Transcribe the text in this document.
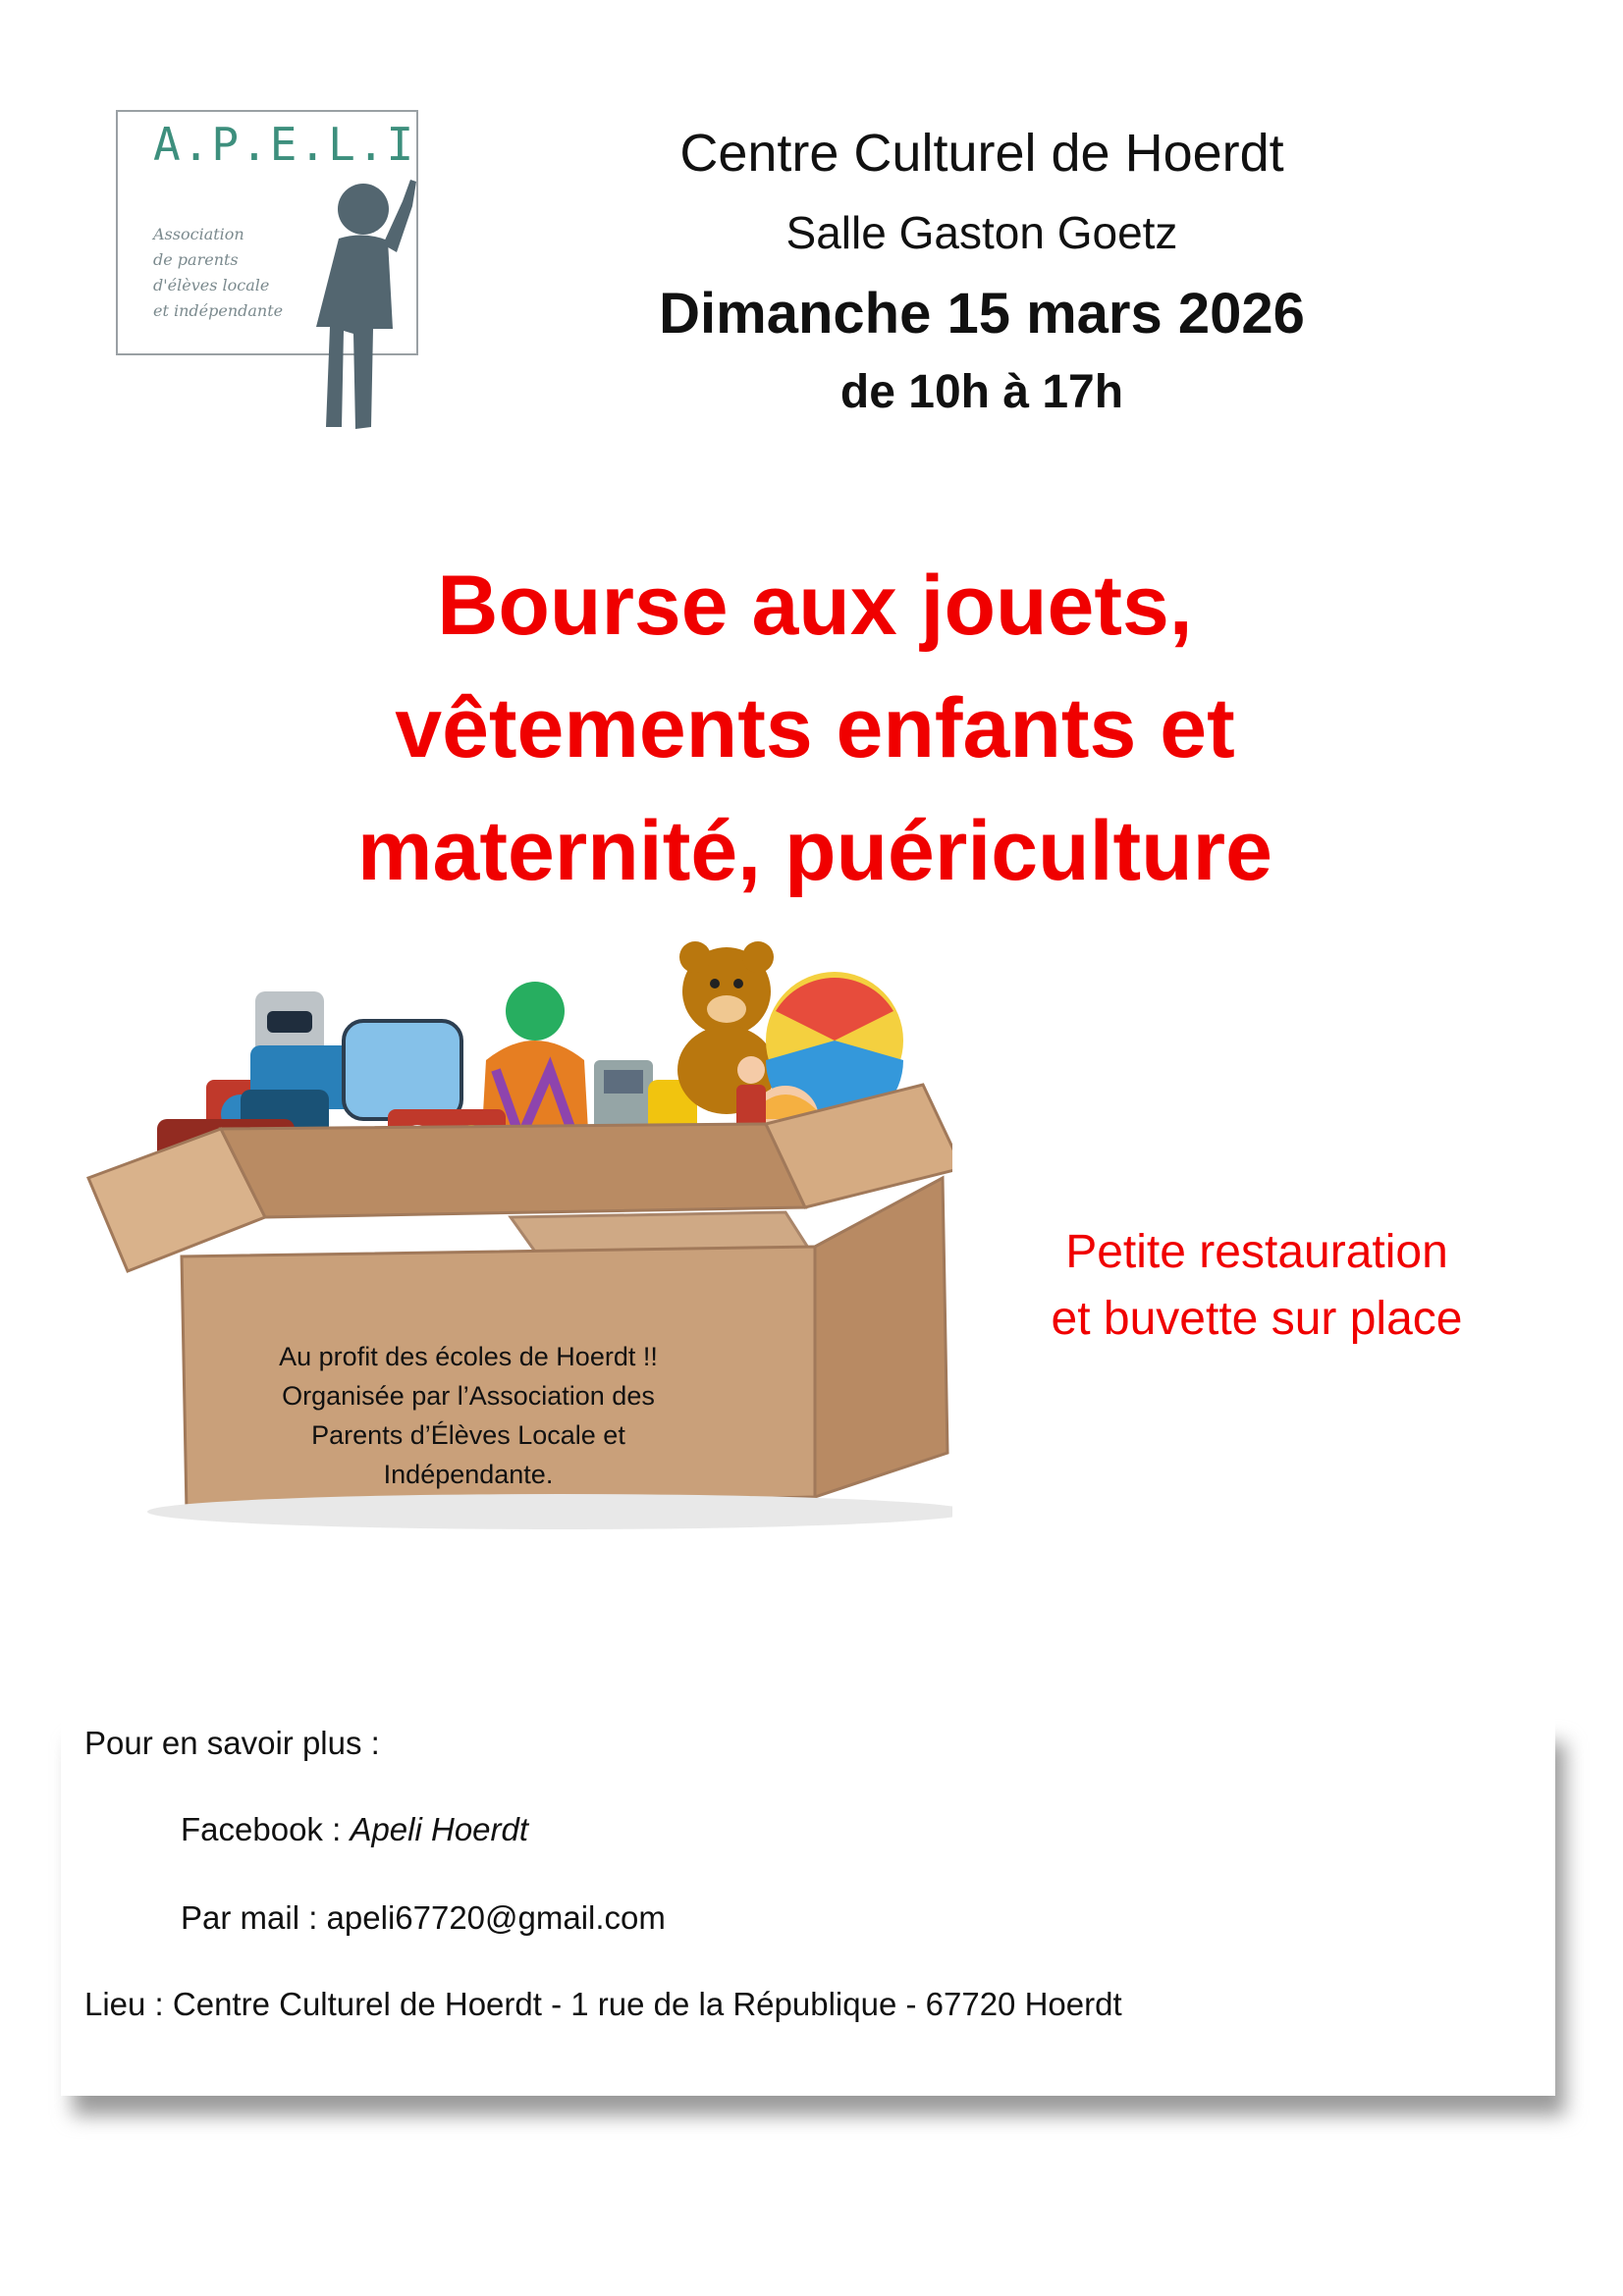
A.P.E.L.I
Association
de parents
d'élèves locale
et indépendante
Centre Culturel de Hoerdt
Salle Gaston Goetz
Dimanche 15 mars 2026
de 10h à 17h
Bourse aux jouets,
vêtements enfants et
maternité, puériculture
Au profit des écoles de Hoerdt !!
Organisée par l’Association des
Parents d’Élèves Locale et
Indépendante.
Petite restauration
et buvette sur place
Pour en savoir plus :
Facebook : Apeli Hoerdt
Par mail : apeli67720@gmail.com
Lieu : Centre Culturel de Hoerdt - 1 rue de la République - 67720 Hoerdt
